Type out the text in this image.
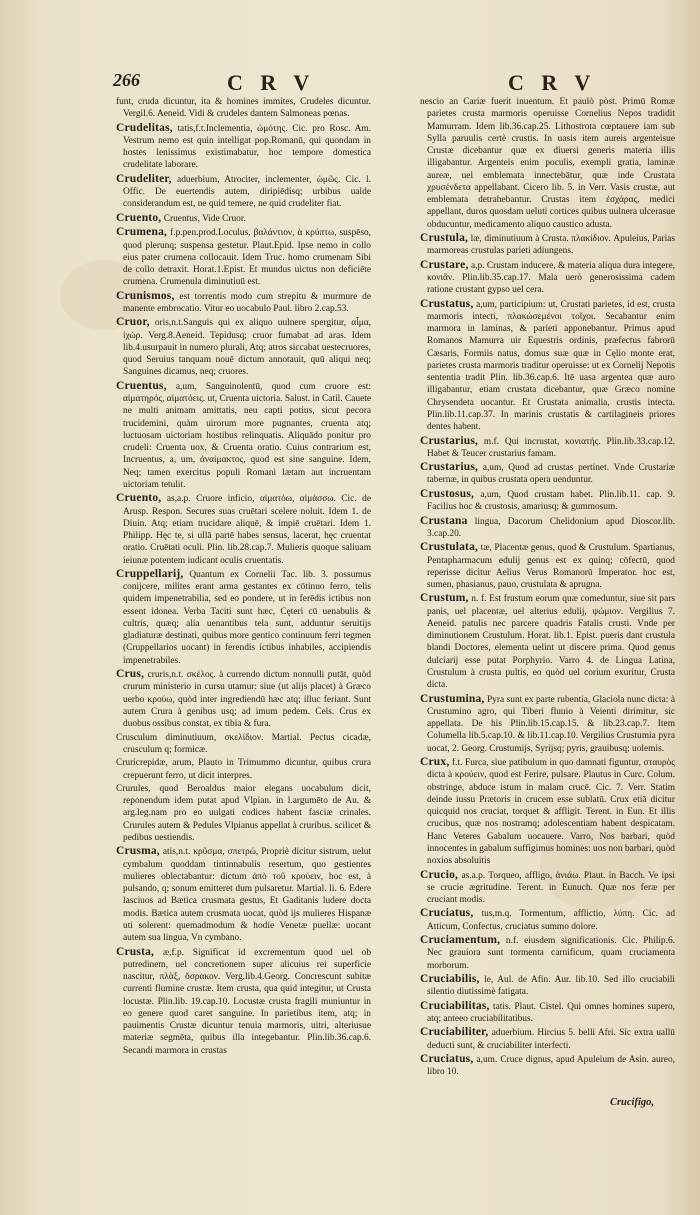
266	C R V	C R V

funt, cruda dicuntur, ita & homines immites, Crudeles dicuntur. Vergil.6. Aeneid. Vidi & crudeles dantem Salmoneas pœnas.

Crudelitas, tatis,f.t.Inclementia, ὠμότης. Cic. pro Rosc. Am. Vestrum nemo est quin intelligat pop.Romanū, qui quondam in hostes lenissimus existimabatur, hoc tempore domestica crudelitate laborare.

Crudeliter, aduerbium, Atrociter, inclementer, ὠμῶς. Cic. l. Offic. De euertendis autem, diripiēdisq; urbibus ualde considerandum est, ne quid temere, ne quid crudeliter fiat.

Cruento, Cruentus, Vide Cruor.

Crumena, f.p.pen.prod.Loculus, βαλάντιον, ὰ κρύπτω, suspēso, quod plerunq; suspensa gestetur. Plaut.Epid. Ipse nemo in collo eius pater crumena collocauit. Idem Truc. homo crumenam Sibi de collo detraxit. Horat.1.Epist. Et mundus uictus non deficiēte crumena. Crumenula diminutiuū est.

Crunismos, est torrentis modo cum strepitu & murmure de manente embrocatio. Vitur eo uocabulo Paul. libro 2.cap.53.

Cruor, oris,n.t.Sanguis qui ex aliquo uulnere spergitur, αἷμα, ἰχώρ. Verg.8.Aeneid. Tepidusq; cruor fumabat ad aras. Idem lib.4.usurpauit in numero plurali, Atq; atros siccabat uestecruores, quod Seruius tanquam nouē dictum annotauit, quū aliqui neq; Sanguines dicamus, neq; cruores.

Cruentus, a,um, Sanguinolentū, quod cum cruore est: αἱματηρός, αἱματόεις. ut, Cruenta uictoria. Salust. in Catil. Cauete ne multi animam amittatis, neu capti potius, sicut pecora trucidemini, quàm uirorum more pugnantes, cruenta atq; luctuosam uictoriam hostibus relinquatis. Aliquādo ponitur pro crudeli: Cruenta uox, & Cruenta oratio. Cuius contrarium est, Incruentus, a, um, ἀναίμακτος, quod est sine sanguine. Idem, Neq; tamen exercitus populi Romani lætam aut incruentam uictoriam tetulit.

Cruento, as,a.p. Cruore inficio, αἱματόω, αἱμάσσω. Cic. de Arusp. Respon. Secures suas cruētari scelere noluit. Idem 1. de Diuin. Atq; etiam trucidare aliquē, & impiē cruētari. Idem 1. Philipp. Hęc te, si ullā partē habes sensus, lacerat, hęc cruentat oratio. Cruētati oculi. Plin. lib.28.cap.7. Mulieris quoque saliuam ieiunæ potentem iudicant oculis cruentatis.

Cruppellarij, Quantum ex Cornelii Tac. lib. 3. possumus conijcere, milites erant arma gestantes ex cōtinuo ferro, telis quidem impenetrabilia, sed eo pondere, ut in ferēdis ictibus non essent idonea. Verba Taciti sunt hæc, Cęteri cū uenabulis & cultris, quæq; alia uenantibus tela sunt, adduntur seruitijs gladiaturæ destinati, quibus more gentico continuum ferri tegmen (Cruppellarios uocant) in ferendis ictibus inhabiles, accipiendis impenetrabiles.

Crus, cruris,n.t. σκέλος. à currendo dictum nonnulli putāt, quòd crurum ministerio in cursu utamur: siue (ut alijs placet) à Græco uerbo κρούω, quòd inter ingrediendū hæc atq; illuc feriant. Sunt autem Crura à genibus usq; ad imum pedem. Cels. Crus ex duobus ossibus constat, ex tibia & fura.

Crusculum diminutiuum, σκελίδιον. Martial. Pectus cicadæ, crusculum q; formicæ.

Crurícrepidæ, arum, Plauto in Trimummo dicuntur, quibus crura crepuerunt ferro, ut dicit interpres.

Crurules, quod Beroaldus maior elegans uocabulum dicit, reponendum idem putat apud Vlpian. in l.argumēto de Au. & arg.leg.nam pro eo uulgati codices habent fasciæ crinales. Crurules autem & Pedules Vlpianus appellat à cruribus. scilicet & pedibus uestiendis.

Crusma, atis,n.t. κρῦσμα, σπετρώ, Propriè dicitur sistrum, uelut cymbalum quoddam tintinnabulis resertum, quo gestientes mulieres oblectabantur: dictum ἀπὸ τοῦ κρούειν, hoc est, à pulsando, q; sonum emitteret dum pulsaretur. Martial. li. 6. Edere lasciuos ad Bætica crusmata gestus, Et Gaditanis ludere docta modis. Bætica autem crusmata uocat, quòd ijs mulieres Hispanæ uti solerent: quemadmodum & hodie Venetæ puellæ: uocant autem sua lingua, Vn cymbano.

Crusta, æ,f.p. Significat id excrementum quod uel ob putredinem, uel concretionem super alicuius rei superficie nascitur, πλὰξ, ὄσρακον. Verg.lib.4.Georg. Concrescunt subitæ currenti flumine crustæ. Item crusta, qua quid integitur, ut Crusta locustæ. Plin.lib. 19.cap.10. Locustæ crusta fragili muniuntur in eo genere quod caret sanguine. In parietibus item, atq; in pauimentis Crustæ dicuntur tenuia marmoris, uitri, alteriusue materiæ segmēta, quibus illa integebantur. Plin.lib.36.cap.6. Secandi marmora in crustas

nescio an Cariæ fuerit inuentum. Et paulò pòst. Primū Romæ parietes crusta marmoris operuisse Cornelius Nepos tradidit Mamurram. Idem lib.36.cap.25. Lithostrota cœptauere iam sub Sylla paruulis certè crustis. In uasis item aureis argenteisue Crustæ dicebantur quæ ex diuersi generis materia illis illigabantur. Argenteis enim poculis, exempli gratia, laminæ aureæ, uel emblemata innectebātur, quæ inde Crustata χρυσένδετα appellabant. Cicero lib. 5. in Verr. Vasis crustæ, aut emblemata detrahebantur. Crustas item ἐσχάρας, medici appellant, duros quosdam ueluti cortices quibus uulnera ulcerasue obducuntur, medicamento aliquo caustico adusta.

Crustula, læ, diminutiuum à Crusta. πλακίδιον. Apuleius, Parias marmoreas crustulas parieti adiungens.

Crustare, a,p. Crustam inducere, & materia aliqua dura integere, κονιᾶν. Plin.lib.35.cap.17. Mala uerò generosissima cadem ratione crustant gypso uel cera.

Crustatus, a,um, participium: ut, Crustati parietes, id est, crusta marmoris intecti, πλακώσεμένοι τοῖχοι. Secabantur enim marmora in laminas, & parieti apponebantur. Primus apud Romanos Mamurra uir Equestris ordinis, præfectus fabrorū Cæsaris, Formiis natus, domus suæ quæ in Cęlio monte erat, parietes crusta marmoris traditur operuisse: ut ex Cornelij Nepotis sententia tradit Plin. lib.36.cap.6. Itē uasa argentea quæ auro illigabantur, etiam crustata dicebantur, quæ Græco nomine Chrysendeta uocantur. Et Crustata animalia, crustis intecta. Plin.lib.11.cap.37. In marinis crustatis & cartilagineis priores dentes habent.

Crustarius, m.f. Qui incrustat, κονιατής. Plin.lib.33.cap.12. Habet & Teucer crustarius famam.

Crustarius, a,um, Quod ad crustas pertinet. Vnde Crustariæ tabernæ, in quibus crustata opera uenduntur.

Crustosus, a,um, Quod crustam habet. Plin.lib.11. cap. 9. Facilius hoc & crustosis, amariusq; & gummosum.

Crustana lingua, Dacorum Chelidonium apud Dioscor.lib. 3.cap.20.

Crustulata, tæ, Placentæ genus, quod & Crustulum. Spartianus, Pentapharmacum edulij genus est ex quinq; cōfectū, quod reperisse dicitur Aelius Verus Romanorū Imperator. hoc est, sumen, phasianus, pauo, crustulata & aprugna.

Crustum, n. f. Est frustum eorum quæ comeduntur, siue sit pars panis, uel placentæ, uel alterius edulij, ψώμιον. Vergilius 7. Aeneid. patulis nec parcere quadris Fatalis crusti. Vnde per diminutionem Crustulum. Horat. lib.1. Epist. pueris dant crustula blandi Doctores, elementa uelint ut discere prima. Quod genus dulciarij esse putat Porphyrio. Varro 4. de Lingua Latina, Crustulum à crusta pultis, eo quòd uel corium exuritur, Crusta dicta.

Crustumina, Pyra sunt ex parte rubentia, Glaciola nunc dicta: à Crustumino agro, qui Tiberi fluuio à Veienti dirimitur, sic appellata. De his Plin.lib.15.cap.15. & lib.23.cap.7. Item Columella lib.5.cap.10. & lib.11.cap.10. Vergilius Crustumia pyra uocat, 2. Georg. Crustumijs, Syrijsq; pyris, grauibusq; uolemis.

Crux, f.t. Furca, siue patibulum in quo damnati figuntur, σταυρὸς dicta à κρούειν, quod est Ferire, pulsare. Plautus in Curc. Colum. obstringe, abduce istum in malam crucē. Cic. 7. Verr. Statim deinde iussu Prætoris in crucem esse sublatū. Crux etiā dicitur quicquid nos cruciat, torquet & affligit. Terent. in Eun. Et illis crucibus, quæ nos nostramq; adolescentiam habent despicatam. Hanc Veteres Gabalum uocauere. Varro, Nos barbari, quòd innocentes in gabalum suffigimus homines: uos non barbari, quòd noxios absoluitis

Crucio, as.a.p. Torqueo, affligo, ἀνιάω. Plaut. in Bacch. Ve ipsi se crucie ægritudine. Terent. in Eunuch. Quæ nos feræ per cruciant modis.

Cruciatus, tus,m.q. Tormentum, afflictio, λύπη. Cic. ad Atticum, Confectus, cruciatus summo dolore.

Cruciamentum, n.f. eiusdem significationis. Cic. Philip.6. Nec grauiora sunt tormenta carnificum, quam cruciamenta morborum.

Cruciabilis, le, Aul. de Afin. Aur. lib.10. Sed illo cruciabili silentio diutissimè fatigata.

Cruciabilitas, tatis. Plaut. Cistel. Qui omnes homines supero, atq; anteeo cruciabilitatibus.

Cruciabiliter, aduerbium. Hircius 5. belli Afri. Sic extra uallū deducti sunt, & cruciabiliter interfecti.

Cruciatus, a,um. Cruce dignus, apud Apuleium de Asin. aureo, libro 10.

Crucifigo,
